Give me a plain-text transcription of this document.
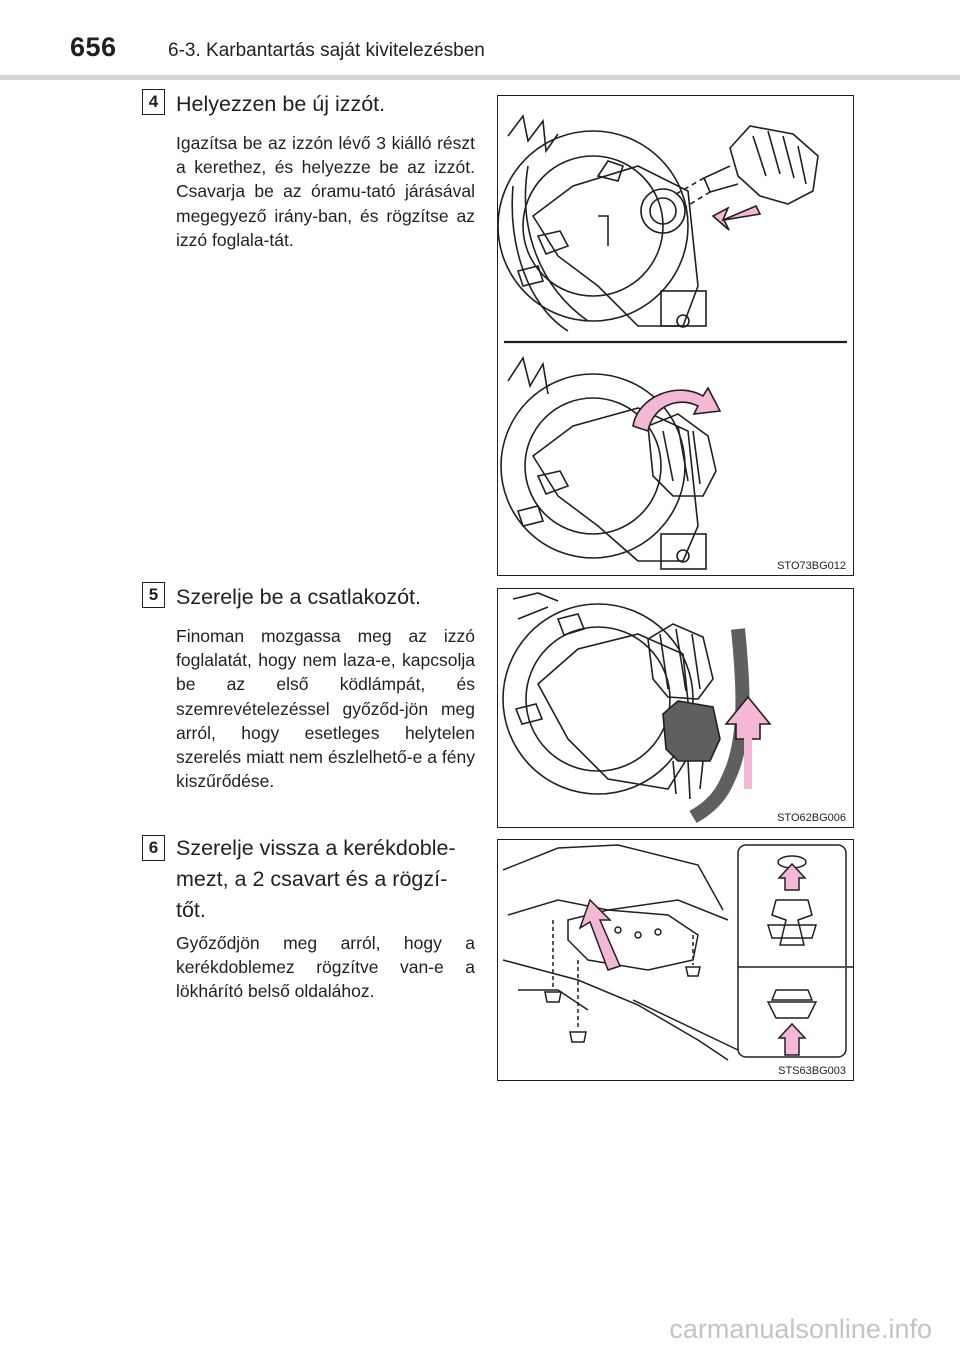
656	6-3. Karbantartás saját kivitelezésben
4 Helyezzen be új izzót.
Igazítsa be az izzón lévő 3 kiálló részt a kerethez, és helyezze be az izzót. Csavarja be az óramu-tató járásával megegyező irány-ban, és rögzítse az izzó foglala-tát.
STO73BG012
5 Szerelje be a csatlakozót.
Finoman mozgassa meg az izzó foglalatát, hogy nem laza-e, kapcsolja be az első ködlámpát, és szemrevételezéssel győződ-jön meg arról, hogy esetleges helytelen szerelés miatt nem észlelhető-e a fény kiszűrődése.
STO62BG006
6 Szerelje vissza a kerékdoble-mezt, a 2 csavart és a rögzí-tőt.
Győződjön meg arról, hogy a kerékdoblemez rögzítve van-e a lökhárító belső oldalához.
STS63BG003
carmanualsonline.info
